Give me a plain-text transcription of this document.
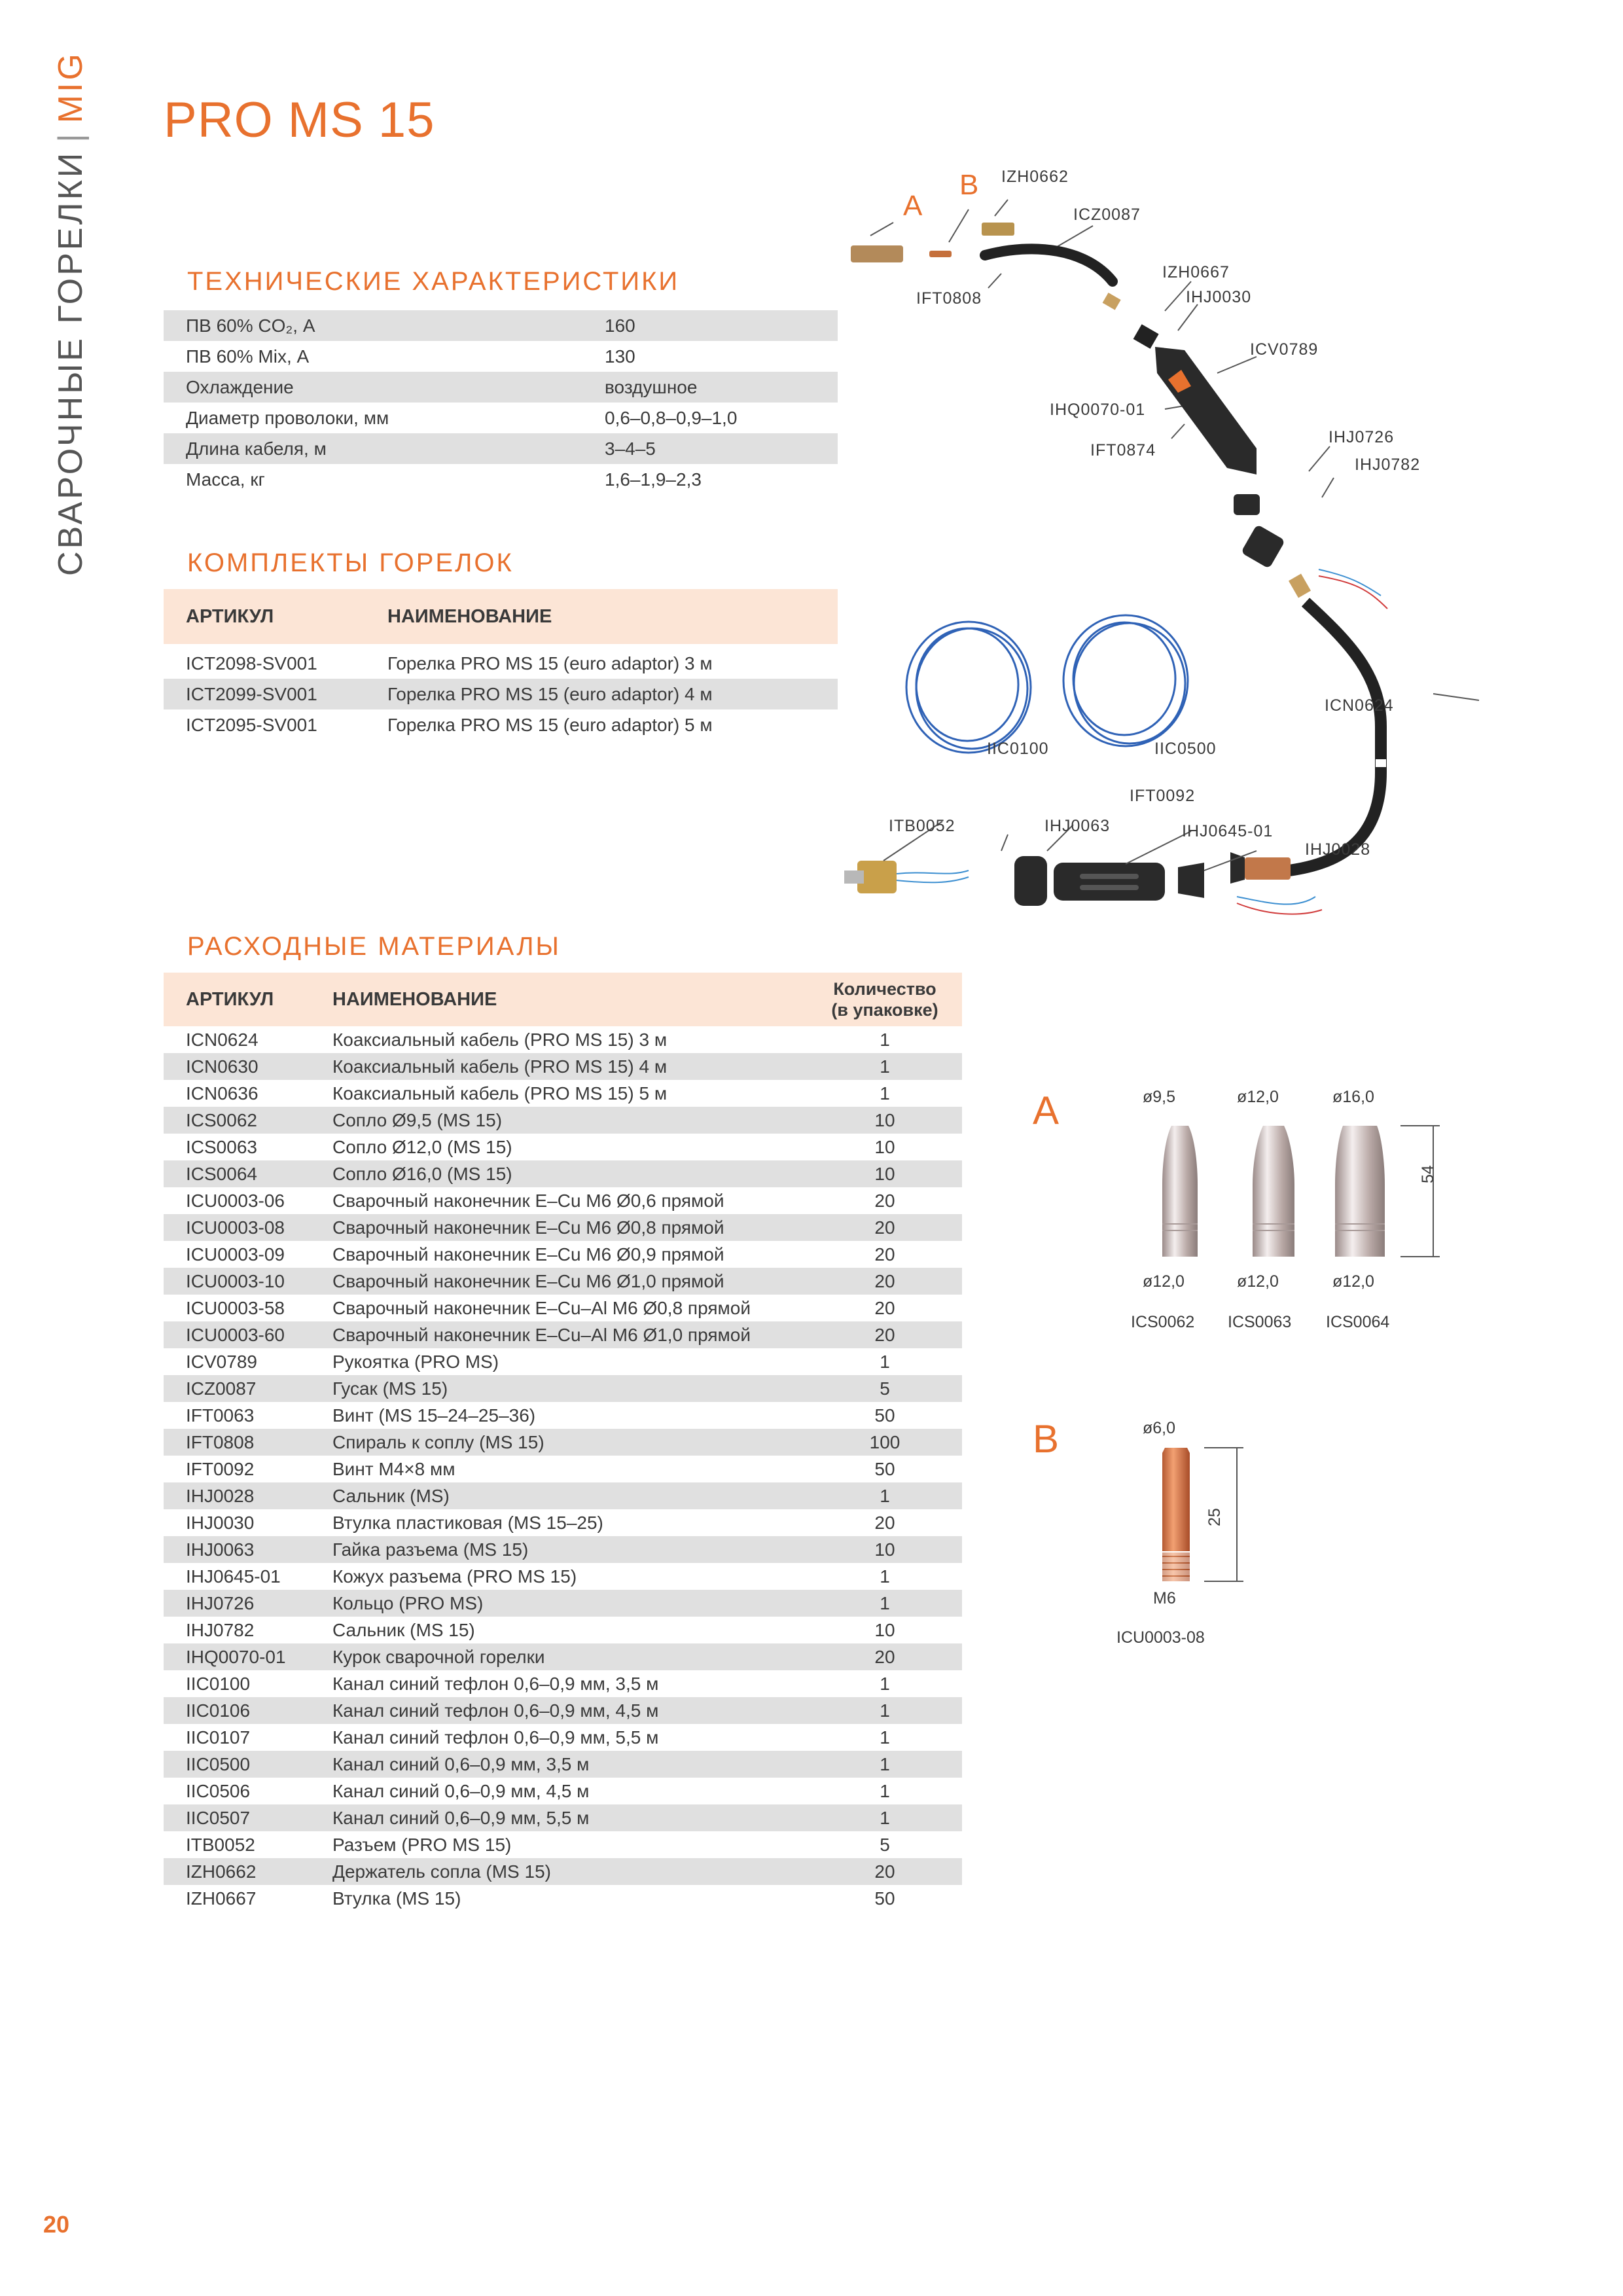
СВАРОЧНЫЕ ГОРЕЛКИ|MIG PRO MS 15
ТЕХНИЧЕСКИЕ ХАРАКТЕРИСТИКИ
ПВ 60% CO₂, А	160
ПВ 60% Mix, А	130
Охлаждение	воздушное
Диаметр проволоки, мм	0,6–0,8–0,9–1,0
Длина кабеля, м	3–4–5
Масса, кг	1,6–1,9–2,3
КОМПЛЕКТЫ ГОРЕЛОК
АРТИКУЛ	НАИМЕНОВАНИЕ

ICT2098-SV001	Горелка PRO MS 15 (euro adaptor) 3 м
ICT2099-SV001	Горелка PRO MS 15 (euro adaptor) 4 м
ICT2095-SV001	Горелка PRO MS 15 (euro adaptor) 5 м
РАСХОДНЫЕ МАТЕРИАЛЫ
АРТИКУЛ	НАИМЕНОВАНИЕ	Количество
(в упаковке)

ICN0624	Коаксиальный кабель (PRO MS 15) 3 м	1
ICN0630	Коаксиальный кабель (PRO MS 15) 4 м	1
ICN0636	Коаксиальный кабель (PRO MS 15) 5 м	1
ICS0062	Сопло Ø9,5 (MS 15)	10
ICS0063	Сопло Ø12,0 (MS 15)	10
ICS0064	Сопло Ø16,0 (MS 15)	10
ICU0003-06	Сварочный наконечник E–Cu M6 Ø0,6 прямой	20
ICU0003-08	Сварочный наконечник E–Cu M6 Ø0,8 прямой	20
ICU0003-09	Сварочный наконечник E–Cu M6 Ø0,9 прямой	20
ICU0003-10	Сварочный наконечник E–Cu M6 Ø1,0 прямой	20
ICU0003-58	Сварочный наконечник E–Cu–Al M6 Ø0,8 прямой	20
ICU0003-60	Сварочный наконечник E–Cu–Al M6 Ø1,0 прямой	20
ICV0789	Рукоятка (PRO MS)	1
ICZ0087	Гусак (MS 15)	5
IFT0063	Винт (MS 15–24–25–36)	50
IFT0808	Спираль к соплу (MS 15)	100
IFT0092	Винт M4×8 мм	50
IHJ0028	Сальник (MS)	1
IHJ0030	Втулка пластиковая (MS 15–25)	20
IHJ0063	Гайка разъема (MS 15)	10
IHJ0645-01	Кожух разъема (PRO MS 15)	1
IHJ0726	Кольцо (PRO MS)	1
IHJ0782	Сальник (MS 15)	10
IHQ0070-01	Курок сварочной горелки	20
IIC0100	Канал синий тефлон 0,6–0,9 мм, 3,5 м	1
IIC0106	Канал синий тефлон 0,6–0,9 мм, 4,5 м	1
IIC0107	Канал синий тефлон 0,6–0,9 мм, 5,5 м	1
IIC0500	Канал синий 0,6–0,9 мм, 3,5 м	1
IIC0506	Канал синий 0,6–0,9 мм, 4,5 м	1
IIC0507	Канал синий 0,6–0,9 мм, 5,5 м	1
ITB0052	Разъем (PRO MS 15)	5
IZH0662	Держатель сопла (MS 15)	20
IZH0667	Втулка (MS 15)	50
A
B IZH0662
ICZ0087
IFT0808
IZH0667
IHJ0030
ICV0789
IHQ0070-01
IFT0874
IHJ0726
IHJ0782
ICN0624
IIC0100	IIC0500
ITB0052	IHJ0063
IFT0092
IHJ0645-01
IHJ0028
A	ø9,5	ø12,0	ø16,0
54
ø12,0	ø12,0	ø12,0
ICS0062 ICS0063 ICS0064
B	ø6,0
25
M6
ICU0003-08
20
